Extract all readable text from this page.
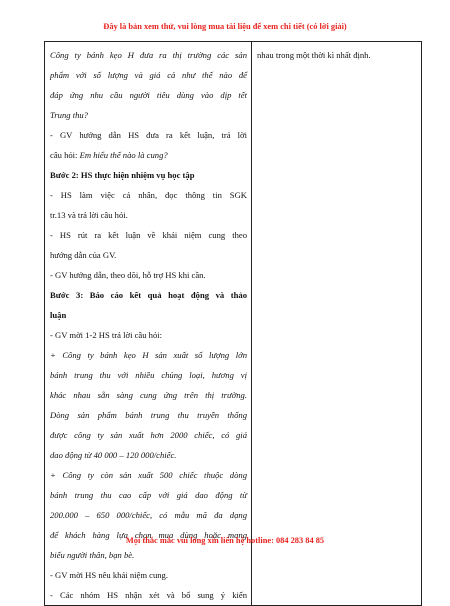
Đây là bản xem thử, vui lòng mua tài liệu để xem chi tiết (có lời giải)
Công ty bánh kẹo H đưa ra thị trường các sản
phẩm với số lượng và giá cả như thế nào để
đáp ứng nhu cầu người tiêu dùng vào dịp tết
Trung thu?
- GV hướng dẫn HS đưa ra kết luận, trả lời
câu hỏi: Em hiểu thế nào là cung?
Bước 2: HS thực hiện nhiệm vụ học tập
- HS làm việc cá nhân, đọc thông tin SGK
tr.13 và trả lời câu hỏi.
- HS rút ra kết luận về khái niệm cung theo
hướng dẫn của GV.
- GV hướng dẫn, theo dõi, hỗ trợ HS khi cần.
Bước 3: Báo cáo kết quả hoạt động và thảo
luận
- GV mời 1-2 HS trả lời câu hỏi:
+ Công ty bánh kẹo H sản xuất số lượng lớn
bánh trung thu với nhiều chủng loại, hương vị
khác nhau sẵn sàng cung ứng trên thị trường.
Dòng sản phẩm bánh trung thu truyền thống
được công ty sản xuất hơn 2000 chiếc, có giá
dao động từ 40 000 – 120 000/chiếc.
+ Công ty còn sản xuất 500 chiếc thuộc dòng
bánh trung thu cao cấp với giá dao động từ
200.000 – 650 000/chiếc, có mẫu mã đa dạng
để khách hàng lựa chọn mua dùng hoặc mang
biếu người thân, bạn bè.
- GV mời HS nêu khái niệm cung.
- Các nhóm HS nhận xét và bổ sung ý kiến

nhau trong một thời kì nhất định.
Mọi thắc mắc vui lòng xin liên hệ hotline: 084 283 84 85
